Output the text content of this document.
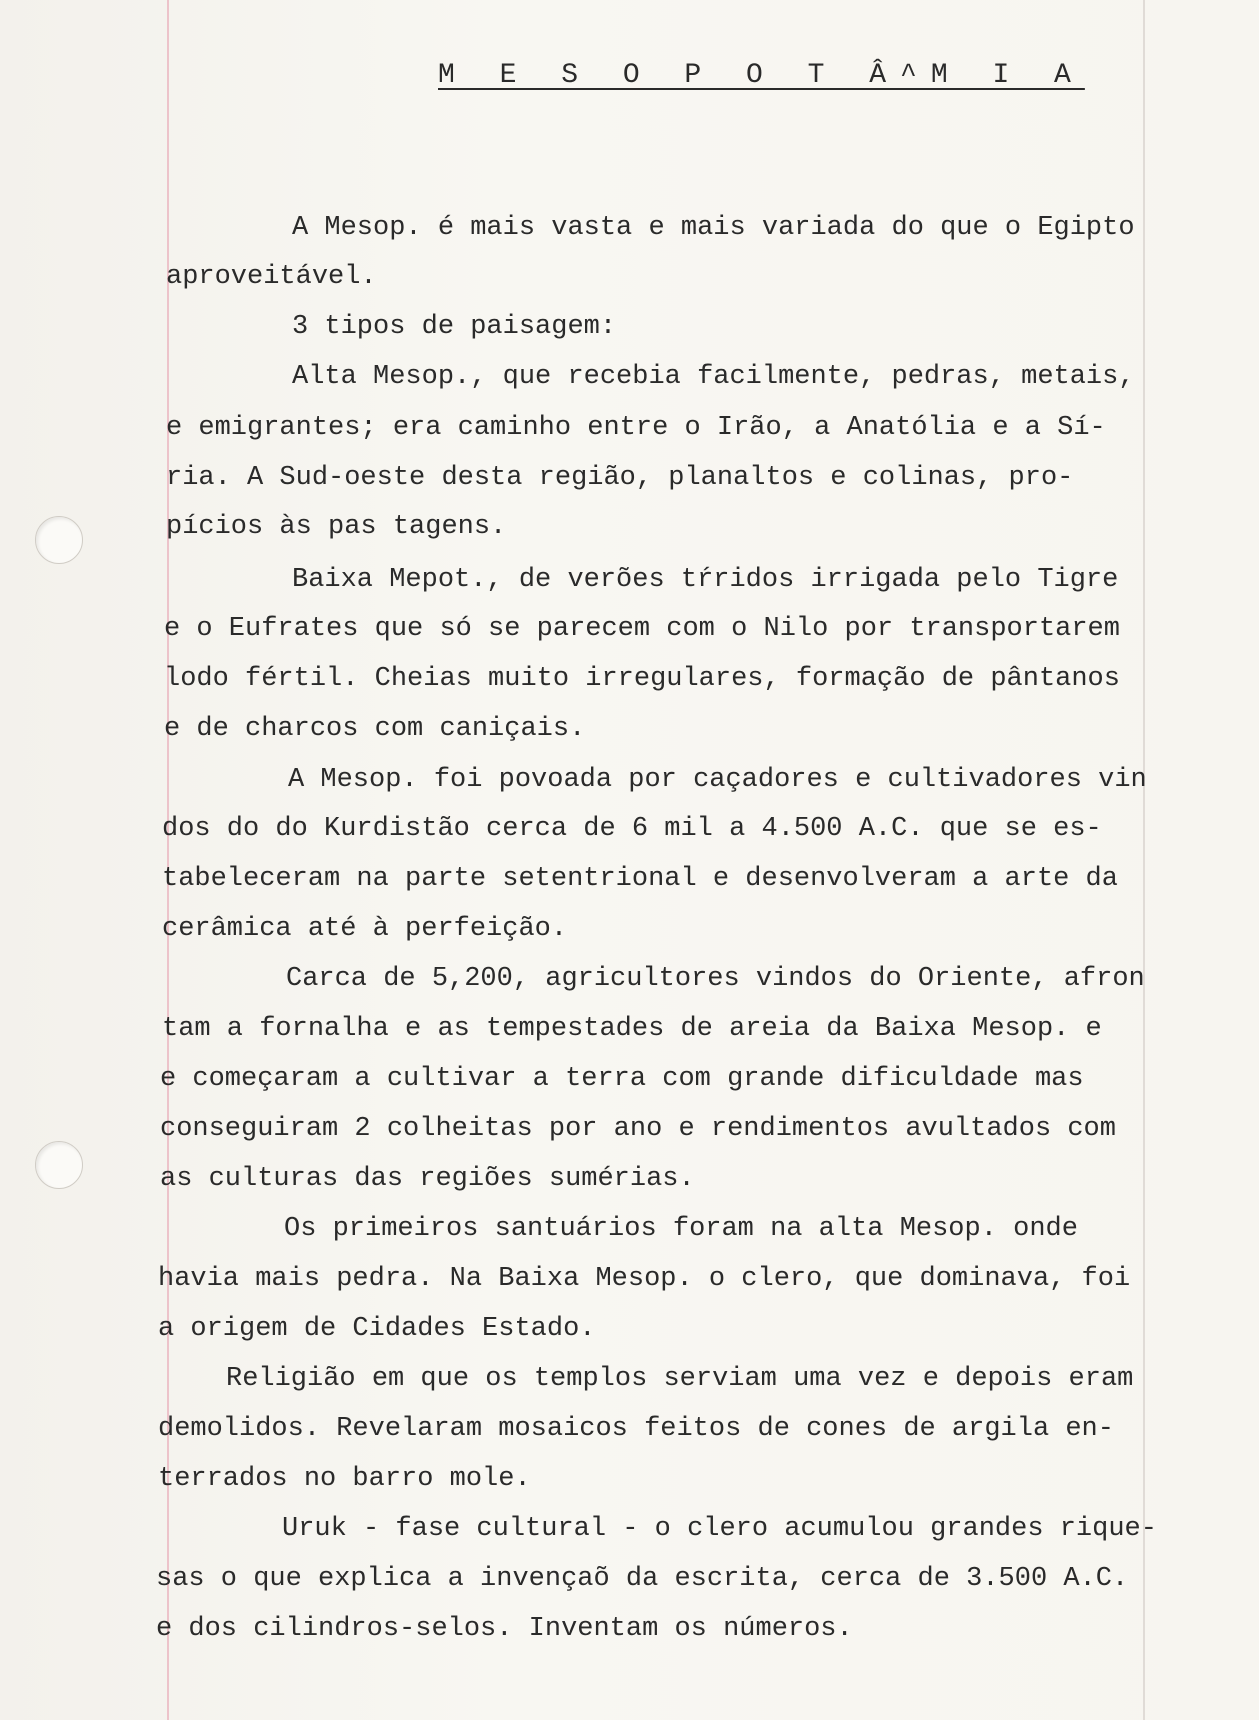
M E S O P O T Â^M I A
A Mesop. é mais vasta e mais variada do que o Egipto
aproveitável.
3 tipos de paisagem:
Alta Mesop., que recebia facilmente, pedras, metais,
e emigrantes; era caminho entre o Irão, a Anatólia e a Sí-
ria. A Sud-oeste desta região, planaltos e colinas, pro-
pícios às pas tagens.
Baixa Mepot., de verões tŕridos irrigada pelo Tigre
e o Eufrates que só se parecem com o Nilo por transportarem
lodo fértil. Cheias muito irregulares, formação de pântanos
e de charcos com caniçais.
A Mesop. foi povoada por caçadores e cultivadores vin
dos do do Kurdistão cerca de 6 mil a 4.500 A.C. que se es-
tabeleceram na parte setentrional e desenvolveram a arte da
cerâmica até à perfeição.
Carca de 5,200, agricultores vindos do Oriente, afron
tam a fornalha e as tempestades de areia da Baixa Mesop. e
e começaram a cultivar a terra com grande dificuldade mas
conseguiram 2 colheitas por ano e rendimentos avultados com
as culturas das regiões sumérias.
Os primeiros santuários foram na alta Mesop. onde
havia mais pedra. Na Baixa Mesop. o clero, que dominava, foi
a origem de Cidades Estado.
Religião em que os templos serviam uma vez e depois eram
demolidos. Revelaram mosaicos feitos de cones de argila en-
terrados no barro mole.
Uruk - fase cultural - o clero acumulou grandes rique-
sas o que explica a invençaõ da escrita, cerca de 3.500 A.C.
e dos cilindros-selos. Inventam os números.
